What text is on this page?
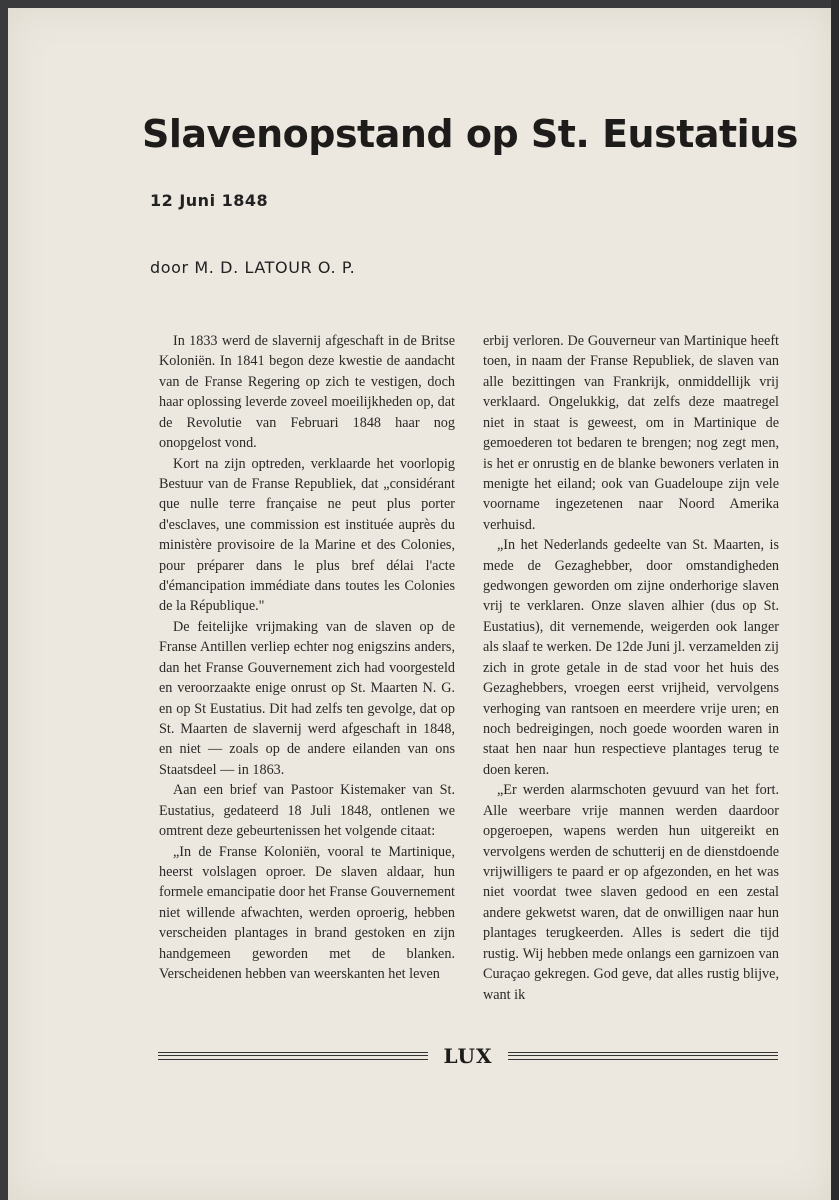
Slavenopstand op St. Eustatius
12 Juni 1848
door M. D. LATOUR O. P.

In 1833 werd de slavernij afgeschaft in de Britse Koloniën. In 1841 begon deze kwestie de aandacht van de Franse Regering op zich te vestigen, doch haar oplossing leverde zoveel moeilijkheden op, dat de Revolutie van Februari 1848 haar nog onopgelost vond.

Kort na zijn optreden, verklaarde het voorlopig Bestuur van de Franse Republiek, dat „considérant que nulle terre française ne peut plus porter d'esclaves, une commission est instituée auprès du ministère provisoire de la Marine et des Colonies, pour préparer dans le plus bref délai l'acte d'émancipation immédiate dans toutes les Colonies de la République."

De feitelijke vrijmaking van de slaven op de Franse Antillen verliep echter nog enigszins anders, dan het Franse Gouvernement zich had voorgesteld en veroorzaakte enige onrust op St. Maarten N. G. en op St Eustatius. Dit had zelfs ten gevolge, dat op St. Maarten de slavernij werd afgeschaft in 1848, en niet — zoals op de andere eilanden van ons Staatsdeel — in 1863.

Aan een brief van Pastoor Kistemaker van St. Eustatius, gedateerd 18 Juli 1848, ontlenen we omtrent deze gebeurtenissen het volgende citaat:

„In de Franse Koloniën, vooral te Martinique, heerst volslagen oproer. De slaven aldaar, hun formele emancipatie door het Franse Gouvernement niet willende afwachten, werden oproerig, hebben verscheiden plantages in brand gestoken en zijn handgemeen geworden met de blanken. Verscheidenen hebben van weerskanten het leven

erbij verloren. De Gouverneur van Martinique heeft toen, in naam der Franse Republiek, de slaven van alle bezittingen van Frankrijk, onmiddellijk vrij verklaard. Ongelukkig, dat zelfs deze maatregel niet in staat is geweest, om in Martinique de gemoederen tot bedaren te brengen; nog zegt men, is het er onrustig en de blanke bewoners verlaten in menigte het eiland; ook van Guadeloupe zijn vele voorname ingezetenen naar Noord Amerika verhuisd.

„In het Nederlands gedeelte van St. Maarten, is mede de Gezaghebber, door omstandigheden gedwongen geworden om zijne onderhorige slaven vrij te verklaren. Onze slaven alhier (dus op St. Eustatius), dit vernemende, weigerden ook langer als slaaf te werken. De 12de Juni jl. verzamelden zij zich in grote getale in de stad voor het huis des Gezaghebbers, vroegen eerst vrijheid, vervolgens verhoging van rantsoen en meerdere vrije uren; en noch bedreigingen, noch goede woorden waren in staat hen naar hun respectieve plantages terug te doen keren.

„Er werden alarmschoten gevuurd van het fort. Alle weerbare vrije mannen werden daardoor opgeroepen, wapens werden hun uitgereikt en vervolgens werden de schutterij en de dienstdoende vrijwilligers te paard er op afgezonden, en het was niet voordat twee slaven gedood en een zestal andere gekwetst waren, dat de onwilligen naar hun plantages terugkeerden. Alles is sedert die tijd rustig. Wij hebben mede onlangs een garnizoen van Curaçao gekregen. God geve, dat alles rustig blijve, want ik

LUX
